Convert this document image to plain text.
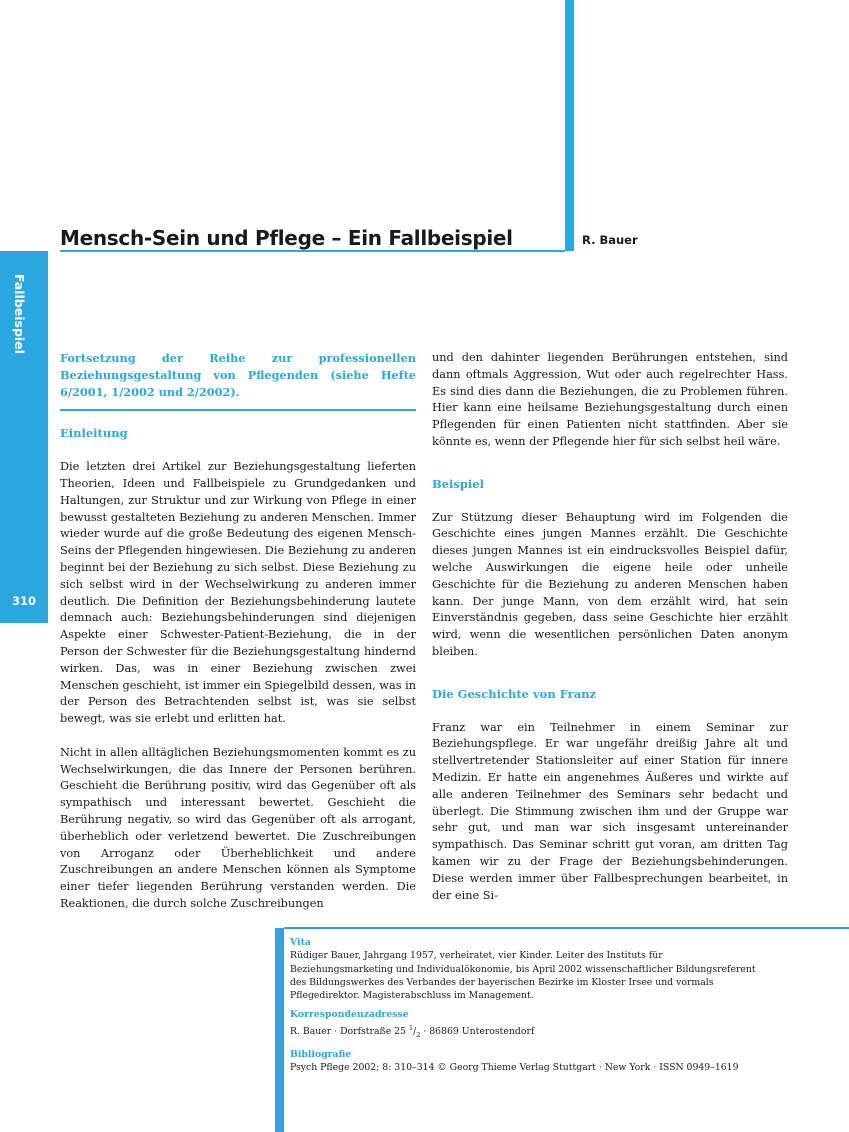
Mensch-Sein und Pflege – Ein Fallbeispiel	R. Bauer
Fallbeispiel
310

Fortsetzung der Reihe zur professionellen Beziehungsgestaltung von Pflegenden (siehe Hefte 6/2001, 1/2002 und 2/2002).

Einleitung

Die letzten drei Artikel zur Beziehungsgestaltung lieferten Theorien, Ideen und Fallbeispiele zu Grundgedanken und Haltungen, zur Struktur und zur Wirkung von Pflege in einer bewusst gestalteten Beziehung zu anderen Menschen. Immer wieder wurde auf die große Bedeutung des eigenen Mensch-Seins der Pflegenden hingewiesen. Die Beziehung zu anderen beginnt bei der Beziehung zu sich selbst. Diese Beziehung zu sich selbst wird in der Wechselwirkung zu anderen immer deutlich. Die Definition der Beziehungsbehinderung lautete demnach auch: Beziehungsbehinderungen sind diejenigen Aspekte einer Schwester-Patient-Beziehung, die in der Person der Schwester für die Beziehungsgestaltung hindernd wirken. Das, was in einer Beziehung zwischen zwei Menschen geschieht, ist immer ein Spiegelbild dessen, was in der Person des Betrachtenden selbst ist, was sie selbst bewegt, was sie erlebt und erlitten hat.

Nicht in allen alltäglichen Beziehungsmomenten kommt es zu Wechselwirkungen, die das Innere der Personen berühren. Geschieht die Berührung positiv, wird das Gegenüber oft als sympathisch und interessant bewertet. Geschieht die Berührung negativ, so wird das Gegenüber oft als arrogant, überheblich oder verletzend bewertet. Die Zuschreibungen von Arroganz oder Überheblichkeit und andere Zuschreibungen an andere Menschen können als Symptome einer tiefer liegenden Berührung verstanden werden. Die Reaktionen, die durch solche Zuschreibungen

und den dahinter liegenden Berührungen entstehen, sind dann oftmals Aggression, Wut oder auch regelrechter Hass. Es sind dies dann die Beziehungen, die zu Problemen führen. Hier kann eine heilsame Beziehungsgestaltung durch einen Pflegenden für einen Patienten nicht stattfinden. Aber sie könnte es, wenn der Pflegende hier für sich selbst heil wäre.

Beispiel

Zur Stützung dieser Behauptung wird im Folgenden die Geschichte eines jungen Mannes erzählt. Die Geschichte dieses jungen Mannes ist ein eindrucksvolles Beispiel dafür, welche Auswirkungen die eigene heile oder unheile Geschichte für die Beziehung zu anderen Menschen haben kann. Der junge Mann, von dem erzählt wird, hat sein Einverständnis gegeben, dass seine Geschichte hier erzählt wird, wenn die wesentlichen persönlichen Daten anonym bleiben.

Die Geschichte von Franz

Franz war ein Teilnehmer in einem Seminar zur Beziehungspflege. Er war ungefähr dreißig Jahre alt und stellvertretender Stationsleiter auf einer Station für innere Medizin. Er hatte ein angenehmes Äußeres und wirkte auf alle anderen Teilnehmer des Seminars sehr bedacht und überlegt. Die Stimmung zwischen ihm und der Gruppe war sehr gut, und man war sich insgesamt untereinander sympathisch. Das Seminar schritt gut voran, am dritten Tag kamen wir zu der Frage der Beziehungsbehinderungen. Diese werden immer über Fallbesprechungen bearbeitet, in der eine Si-

Vita

Rüdiger Bauer, Jahrgang 1957, verheiratet, vier Kinder. Leiter des Instituts für Beziehungsmarketing und Individualökonomie, bis April 2002 wissenschaftlicher Bildungsreferent des Bildungswerkes des Verbandes der bayerischen Bezirke im Kloster Irsee und vormals Pflegedirektor. Magisterabschluss im Management.

Korrespondenzadresse

R. Bauer · Dorfstraße 25 $^1/_2 \cdot 86869$ Unterostendorf

Bibliografie

Psych Pflege 2002; 8: 310–314 © Georg Thieme Verlag Stuttgart · New York · ISSN 0949–1619
